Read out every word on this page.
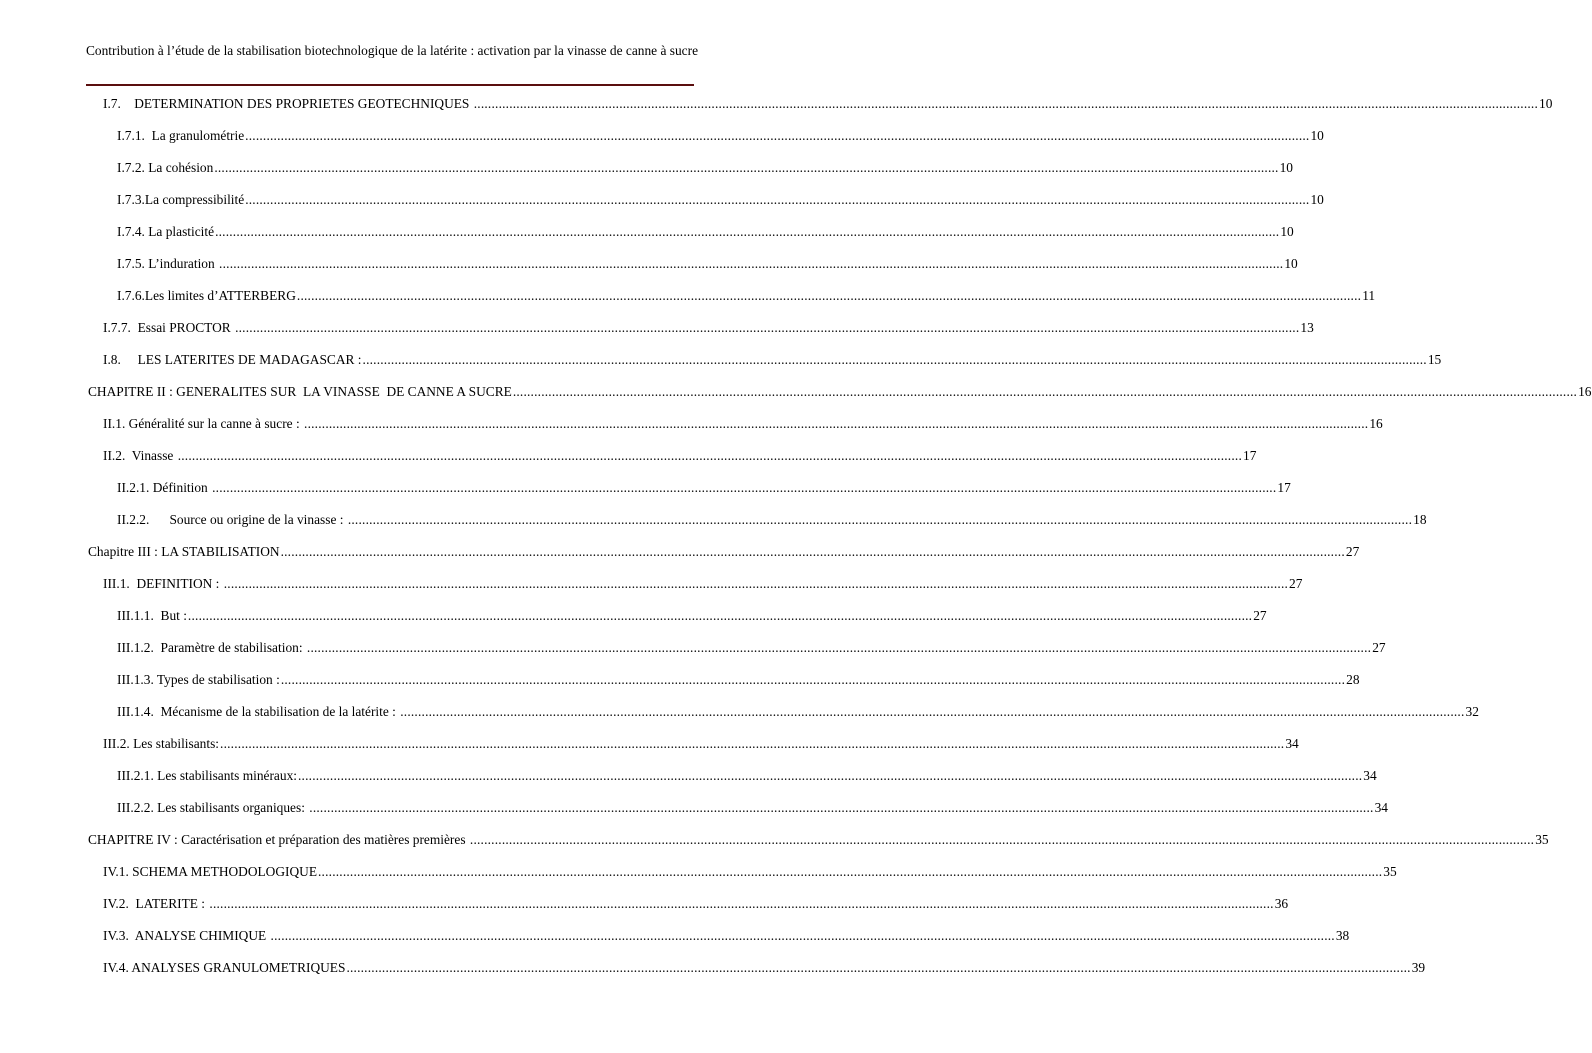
Contribution à l’étude de la stabilisation biotechnologique de la latérite : activation par la vinasse de canne à sucre
I.7.    DETERMINATION DES PROPRIETES GEOTECHNIQUES ............................................................................................................................................................................................................................................................................................................ 10
I.7.1.  La granulométrie ............................................................................................................................................................................................................................................................................................................ 10
I.7.2. La cohésion ............................................................................................................................................................................................................................................................................................................ 10
I.7.3.La compressibilité ............................................................................................................................................................................................................................................................................................................ 10
I.7.4. La plasticité ............................................................................................................................................................................................................................................................................................................ 10
I.7.5. L’induration ............................................................................................................................................................................................................................................................................................................ 10
I.7.6.Les limites d’ATTERBERG ............................................................................................................................................................................................................................................................................................................ 11
I.7.7.  Essai PROCTOR ............................................................................................................................................................................................................................................................................................................ 13
I.8.     LES LATERITES DE MADAGASCAR : ............................................................................................................................................................................................................................................................................................................ 15
CHAPITRE II : GENERALITES SUR  LA VINASSE  DE CANNE A SUCRE ............................................................................................................................................................................................................................................................................................................ 16
II.1. Généralité sur la canne à sucre : ............................................................................................................................................................................................................................................................................................................ 16
II.2.  Vinasse ............................................................................................................................................................................................................................................................................................................ 17
II.2.1. Définition ............................................................................................................................................................................................................................................................................................................ 17
II.2.2.      Source ou origine de la vinasse : ............................................................................................................................................................................................................................................................................................................ 18
Chapitre III : LA STABILISATION ............................................................................................................................................................................................................................................................................................................ 27
III.1.  DEFINITION : ............................................................................................................................................................................................................................................................................................................ 27
III.1.1.  But : ............................................................................................................................................................................................................................................................................................................ 27
III.1.2.  Paramètre de stabilisation: ............................................................................................................................................................................................................................................................................................................ 27
III.1.3. Types de stabilisation : ............................................................................................................................................................................................................................................................................................................ 28
III.1.4.  Mécanisme de la stabilisation de la latérite : ............................................................................................................................................................................................................................................................................................................ 32
III.2. Les stabilisants: ............................................................................................................................................................................................................................................................................................................ 34
III.2.1. Les stabilisants minéraux: ............................................................................................................................................................................................................................................................................................................ 34
III.2.2. Les stabilisants organiques: ............................................................................................................................................................................................................................................................................................................ 34
CHAPITRE IV : Caractérisation et préparation des matières premières ............................................................................................................................................................................................................................................................................................................ 35
IV.1. SCHEMA METHODOLOGIQUE ............................................................................................................................................................................................................................................................................................................ 35
IV.2.  LATERITE : ............................................................................................................................................................................................................................................................................................................ 36
IV.3.  ANALYSE CHIMIQUE ............................................................................................................................................................................................................................................................................................................ 38
IV.4. ANALYSES GRANULOMETRIQUES ............................................................................................................................................................................................................................................................................................................ 39
